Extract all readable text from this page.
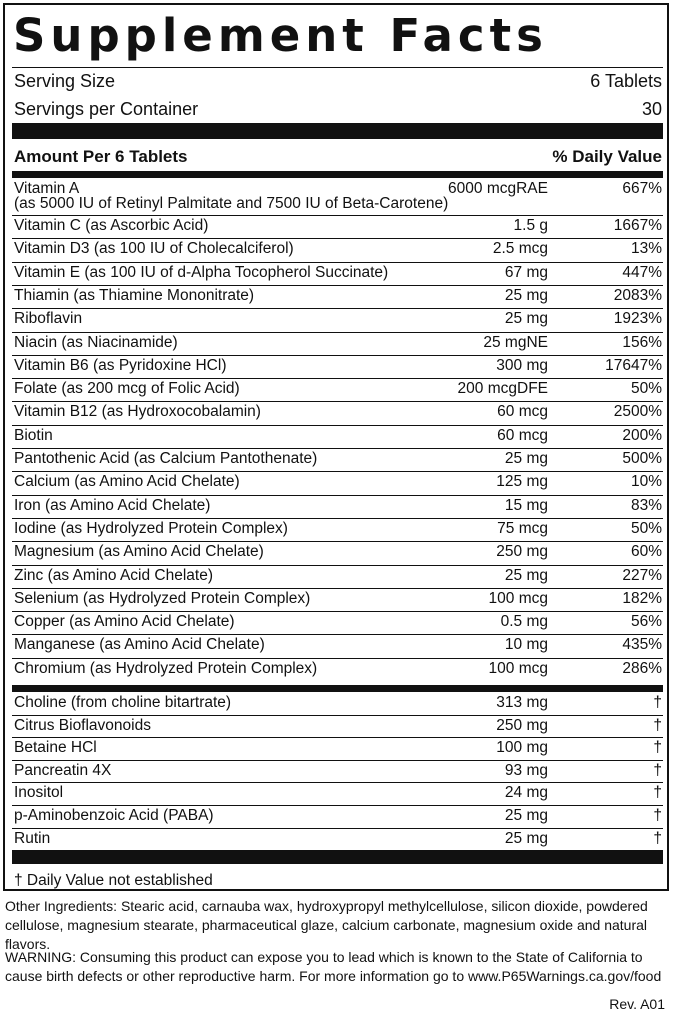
Supplement Facts
Serving Size	6 Tablets
Servings per Container	30
Amount Per 6 Tablets	% Daily Value
Vitamin A
(as 5000 IU of Retinyl Palmitate and 7500 IU of Beta-Carotene)
6000 mcgRAE	667%
Vitamin C (as Ascorbic Acid)	1.5 g	1667%
Vitamin D3 (as 100 IU of Cholecalciferol)	2.5 mcg	13%
Vitamin E (as 100 IU of d-Alpha Tocopherol Succinate)	67 mg	447%
Thiamin (as Thiamine Mononitrate)	25 mg	2083%
Riboflavin	25 mg	1923%
Niacin (as Niacinamide)	25 mgNE	156%
Vitamin B6 (as Pyridoxine HCl)	300 mg	17647%
Folate (as 200 mcg of Folic Acid)	200 mcgDFE	50%
Vitamin B12 (as Hydroxocobalamin)	60 mcg	2500%
Biotin	60 mcg	200%
Pantothenic Acid (as Calcium Pantothenate)	25 mg	500%
Calcium (as Amino Acid Chelate)	125 mg	10%
Iron (as Amino Acid Chelate)	15 mg	83%
Iodine (as Hydrolyzed Protein Complex)	75 mcg	50%
Magnesium (as Amino Acid Chelate)	250 mg	60%
Zinc (as Amino Acid Chelate)	25 mg	227%
Selenium (as Hydrolyzed Protein Complex)	100 mcg	182%
Copper (as Amino Acid Chelate)	0.5 mg	56%
Manganese (as Amino Acid Chelate)	10 mg	435%
Chromium (as Hydrolyzed Protein Complex)	100 mcg	286%
Choline (from choline bitartrate)	313 mg	†
Citrus Bioflavonoids	250 mg	†
Betaine HCl	100 mg	†
Pancreatin 4X	93 mg	†
Inositol	24 mg	†
p-Aminobenzoic Acid (PABA)	25 mg	†
Rutin	25 mg	†
† Daily Value not established
Other Ingredients: Stearic acid, carnauba wax, hydroxypropyl methylcellulose, silicon dioxide, powdered cellulose, magnesium stearate, pharmaceutical glaze, calcium carbonate, magnesium oxide and natural flavors.
WARNING: Consuming this product can expose you to lead which is known to the State of California to cause birth defects or other reproductive harm. For more information go to www.P65Warnings.ca.gov/food
Rev. A01
